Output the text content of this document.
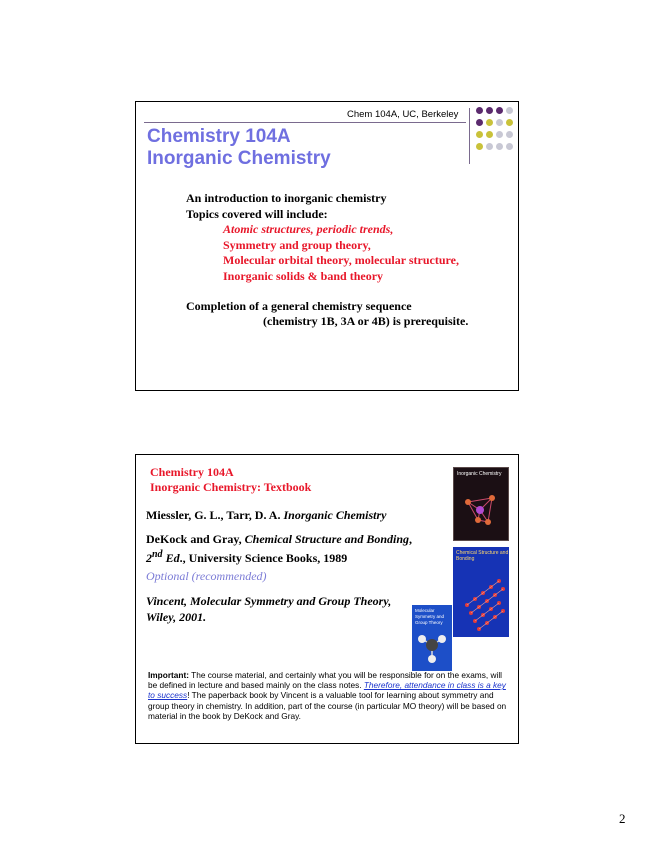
Chem 104A, UC, Berkeley
Chemistry 104A
Inorganic Chemistry
An introduction to inorganic chemistry
Topics covered will include:
Atomic structures, periodic trends,
Symmetry and group theory,
Molecular orbital theory, molecular structure,
Inorganic solids & band theory
Completion of a general chemistry sequence
(chemistry 1B, 3A or 4B) is prerequisite.
Chemistry 104A
Inorganic Chemistry: Textbook
Miessler, G. L., Tarr, D. A. Inorganic Chemistry
DeKock and Gray, Chemical Structure and Bonding,
2nd Ed., University Science Books, 1989
Optional (recommended)
Vincent, Molecular Symmetry and Group Theory,
Wiley, 2001.
Inorganic Chemistry
Chemical Structure and Bonding
Molecular Symmetry and Group Theory
Important: The course material, and certainly what you will be responsible for on the exams, will be defined in lecture and based mainly on the class notes. Therefore, attendance in class is a key to success! The paperback book by Vincent is a valuable tool for learning about symmetry and group theory in chemistry. In addition, part of the course (in particular MO theory) will be based on material in the book by DeKock and Gray.
2
